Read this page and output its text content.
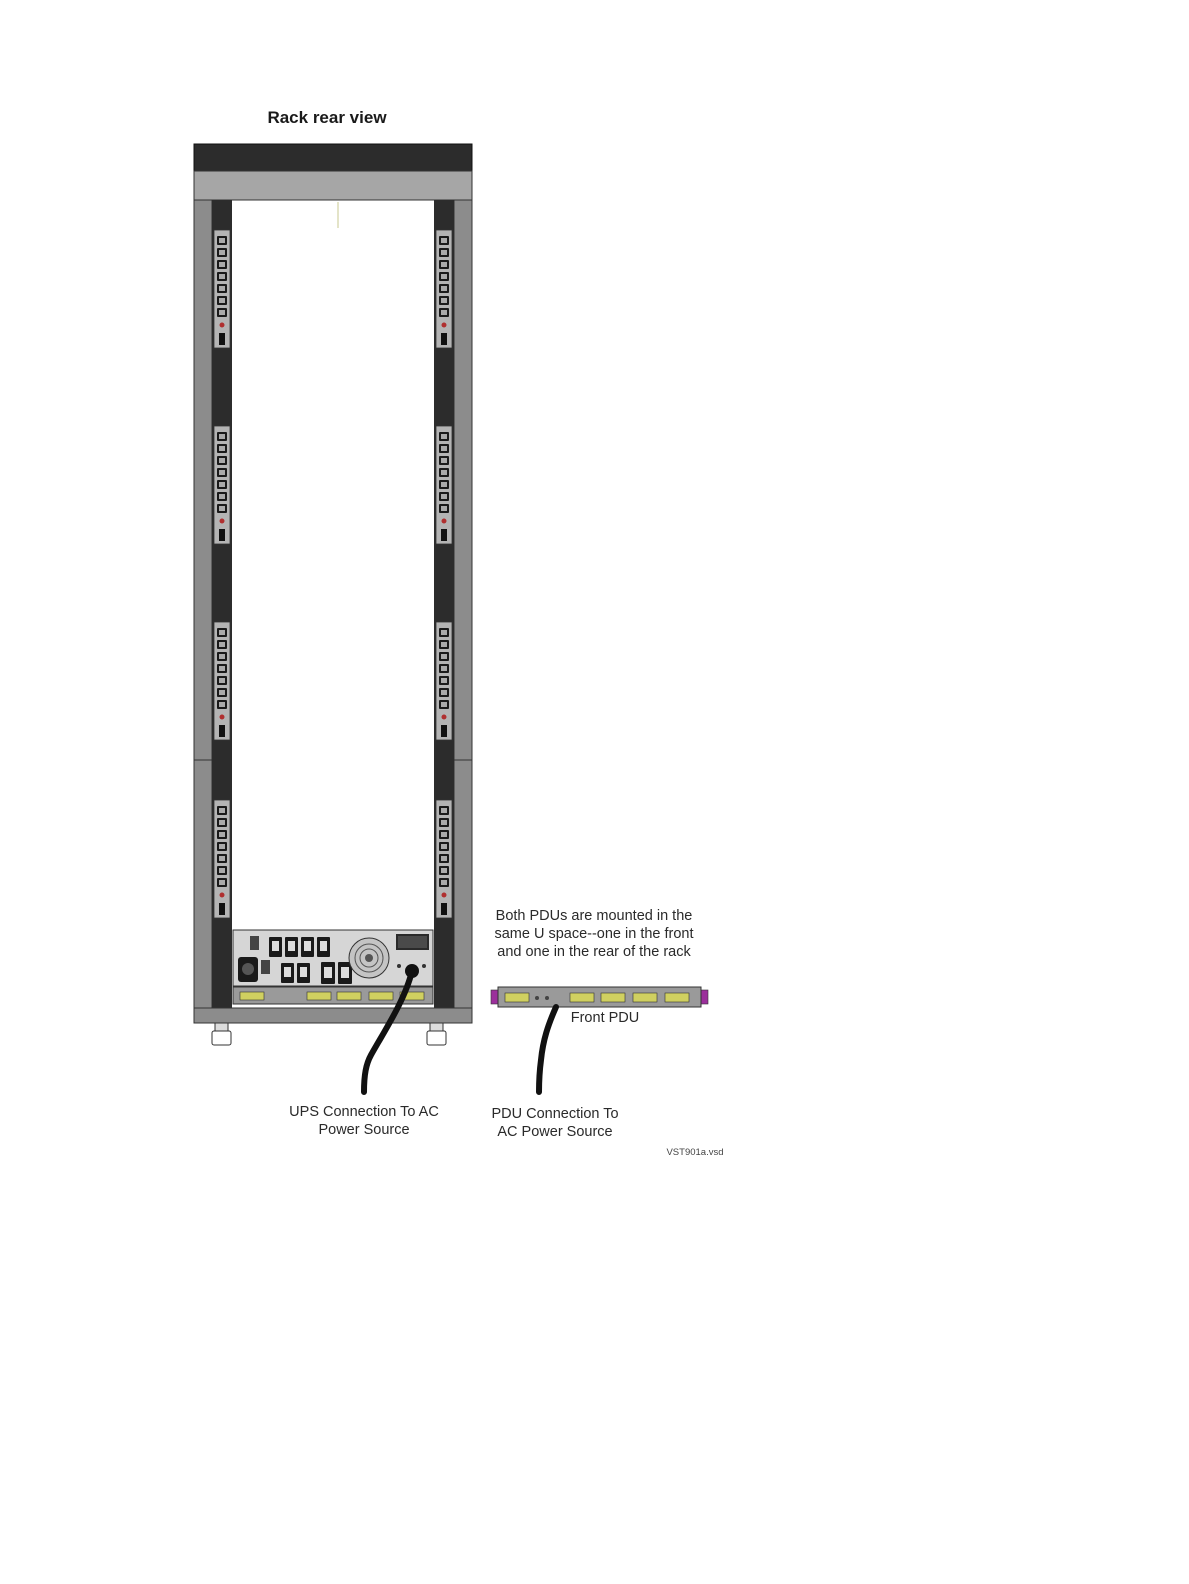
Rack rear view
Both PDUs are mounted in the
same U space--one in the front
and one in the rear of the rack
Front PDU
UPS Connection To AC
Power Source
PDU Connection To
AC Power Source
VST901a.vsd
